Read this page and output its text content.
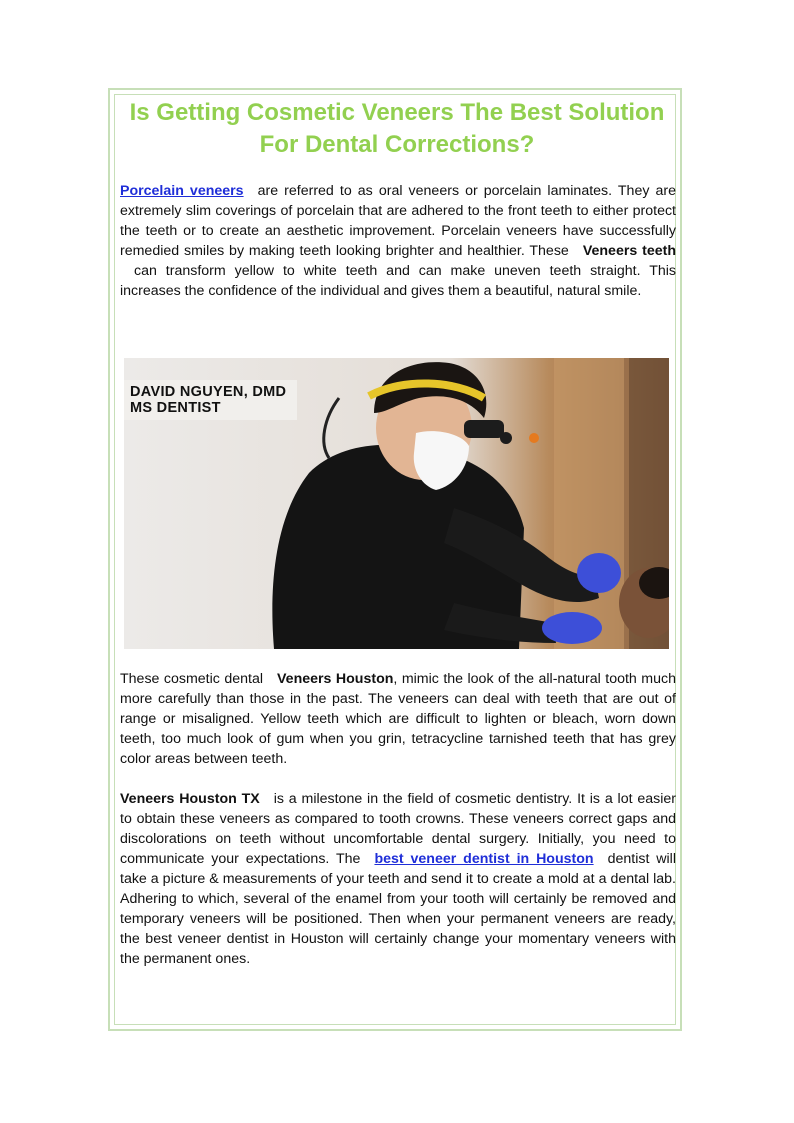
Is Getting Cosmetic Veneers The Best Solution For Dental Corrections?

Porcelain veneers are referred to as oral veneers or porcelain laminates. They are extremely slim coverings of porcelain that are adhered to the front teeth to either protect the teeth or to create an aesthetic improvement. Porcelain veneers have successfully remedied smiles by making teeth looking brighter and healthier. These Veneers teethcan transform yellow to white teeth and can make uneven teeth straight. This increases the confidence of the individual and gives them a beautiful, natural smile.

DAVID NGUYEN, DMD
MS DENTIST

These cosmetic dental Veneers Houston, mimic the look of the all-natural tooth much more carefully than those in the past. The veneers can deal with teeth that are out of range or misaligned. Yellow teeth which are difficult to lighten or bleach, worn down teeth, too much look of gum when you grin, tetracycline tarnished teeth that has grey color areas between teeth.

Veneers Houston TX is a milestone in the field of cosmetic dentistry. It is a lot easier to obtain these veneers as compared to tooth crowns. These veneers correct gaps and discolorations on teeth without uncomfortable dental surgery. Initially, you need to communicate your expectations. The best veneer dentist in Houston dentist will take a picture & measurements of your teeth and send it to create a mold at a dental lab. Adhering to which, several of the enamel from your tooth will certainly be removed and temporary veneers will be positioned. Then when your permanent veneers are ready, the best veneer dentist in Houston will certainly change your momentary veneers with the permanent ones.
